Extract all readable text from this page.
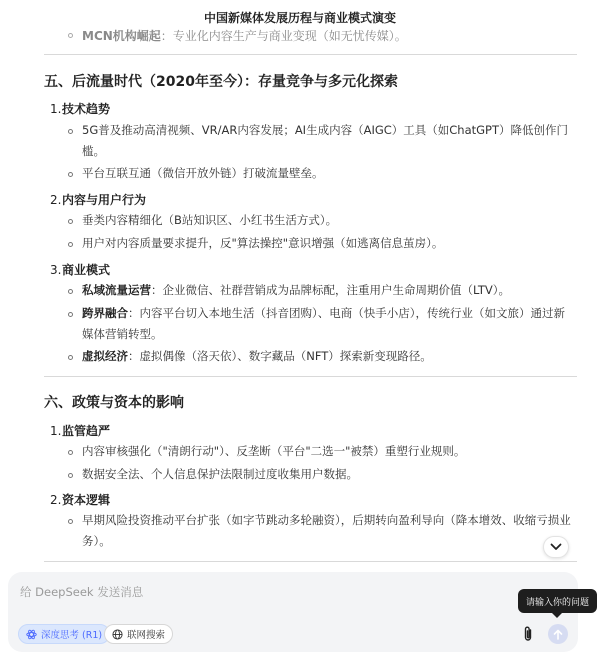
MCN机构崛起：专业化内容生产与商业变现（如无忧传媒）。
五、后流量时代（2020年至今）：存量竞争与多元化探索
1.技术趋势
5G普及推动高清视频、VR/AR内容发展；AI生成内容（AIGC）工具（如ChatGPT）降低创作门槛。
平台互联互通（微信开放外链）打破流量壁垒。
2.内容与用户行为
垂类内容精细化（B站知识区、小红书生活方式）。
用户对内容质量要求提升，反"算法操控"意识增强（如逃离信息茧房）。
3.商业模式
私域流量运营：企业微信、社群营销成为品牌标配，注重用户生命周期价值（LTV）。
跨界融合：内容平台切入本地生活（抖音团购）、电商（快手小店），传统行业（如文旅）通过新媒体营销转型。
虚拟经济：虚拟偶像（洛天依）、数字藏品（NFT）探索新变现路径。
六、政策与资本的影响
1.监管趋严
内容审核强化（"清朗行动"）、反垄断（平台"二选一"被禁）重塑行业规则。
数据安全法、个人信息保护法限制过度收集用户数据。
2.资本逻辑
早期风险投资推动平台扩张（如字节跳动多轮融资），后期转向盈利导向（降本增效、收缩亏损业务）。
中国新媒体发展历程与商业模式演变
给 DeepSeek 发送消息
深度思考 (R1)	联网搜索
请输入你的问题
